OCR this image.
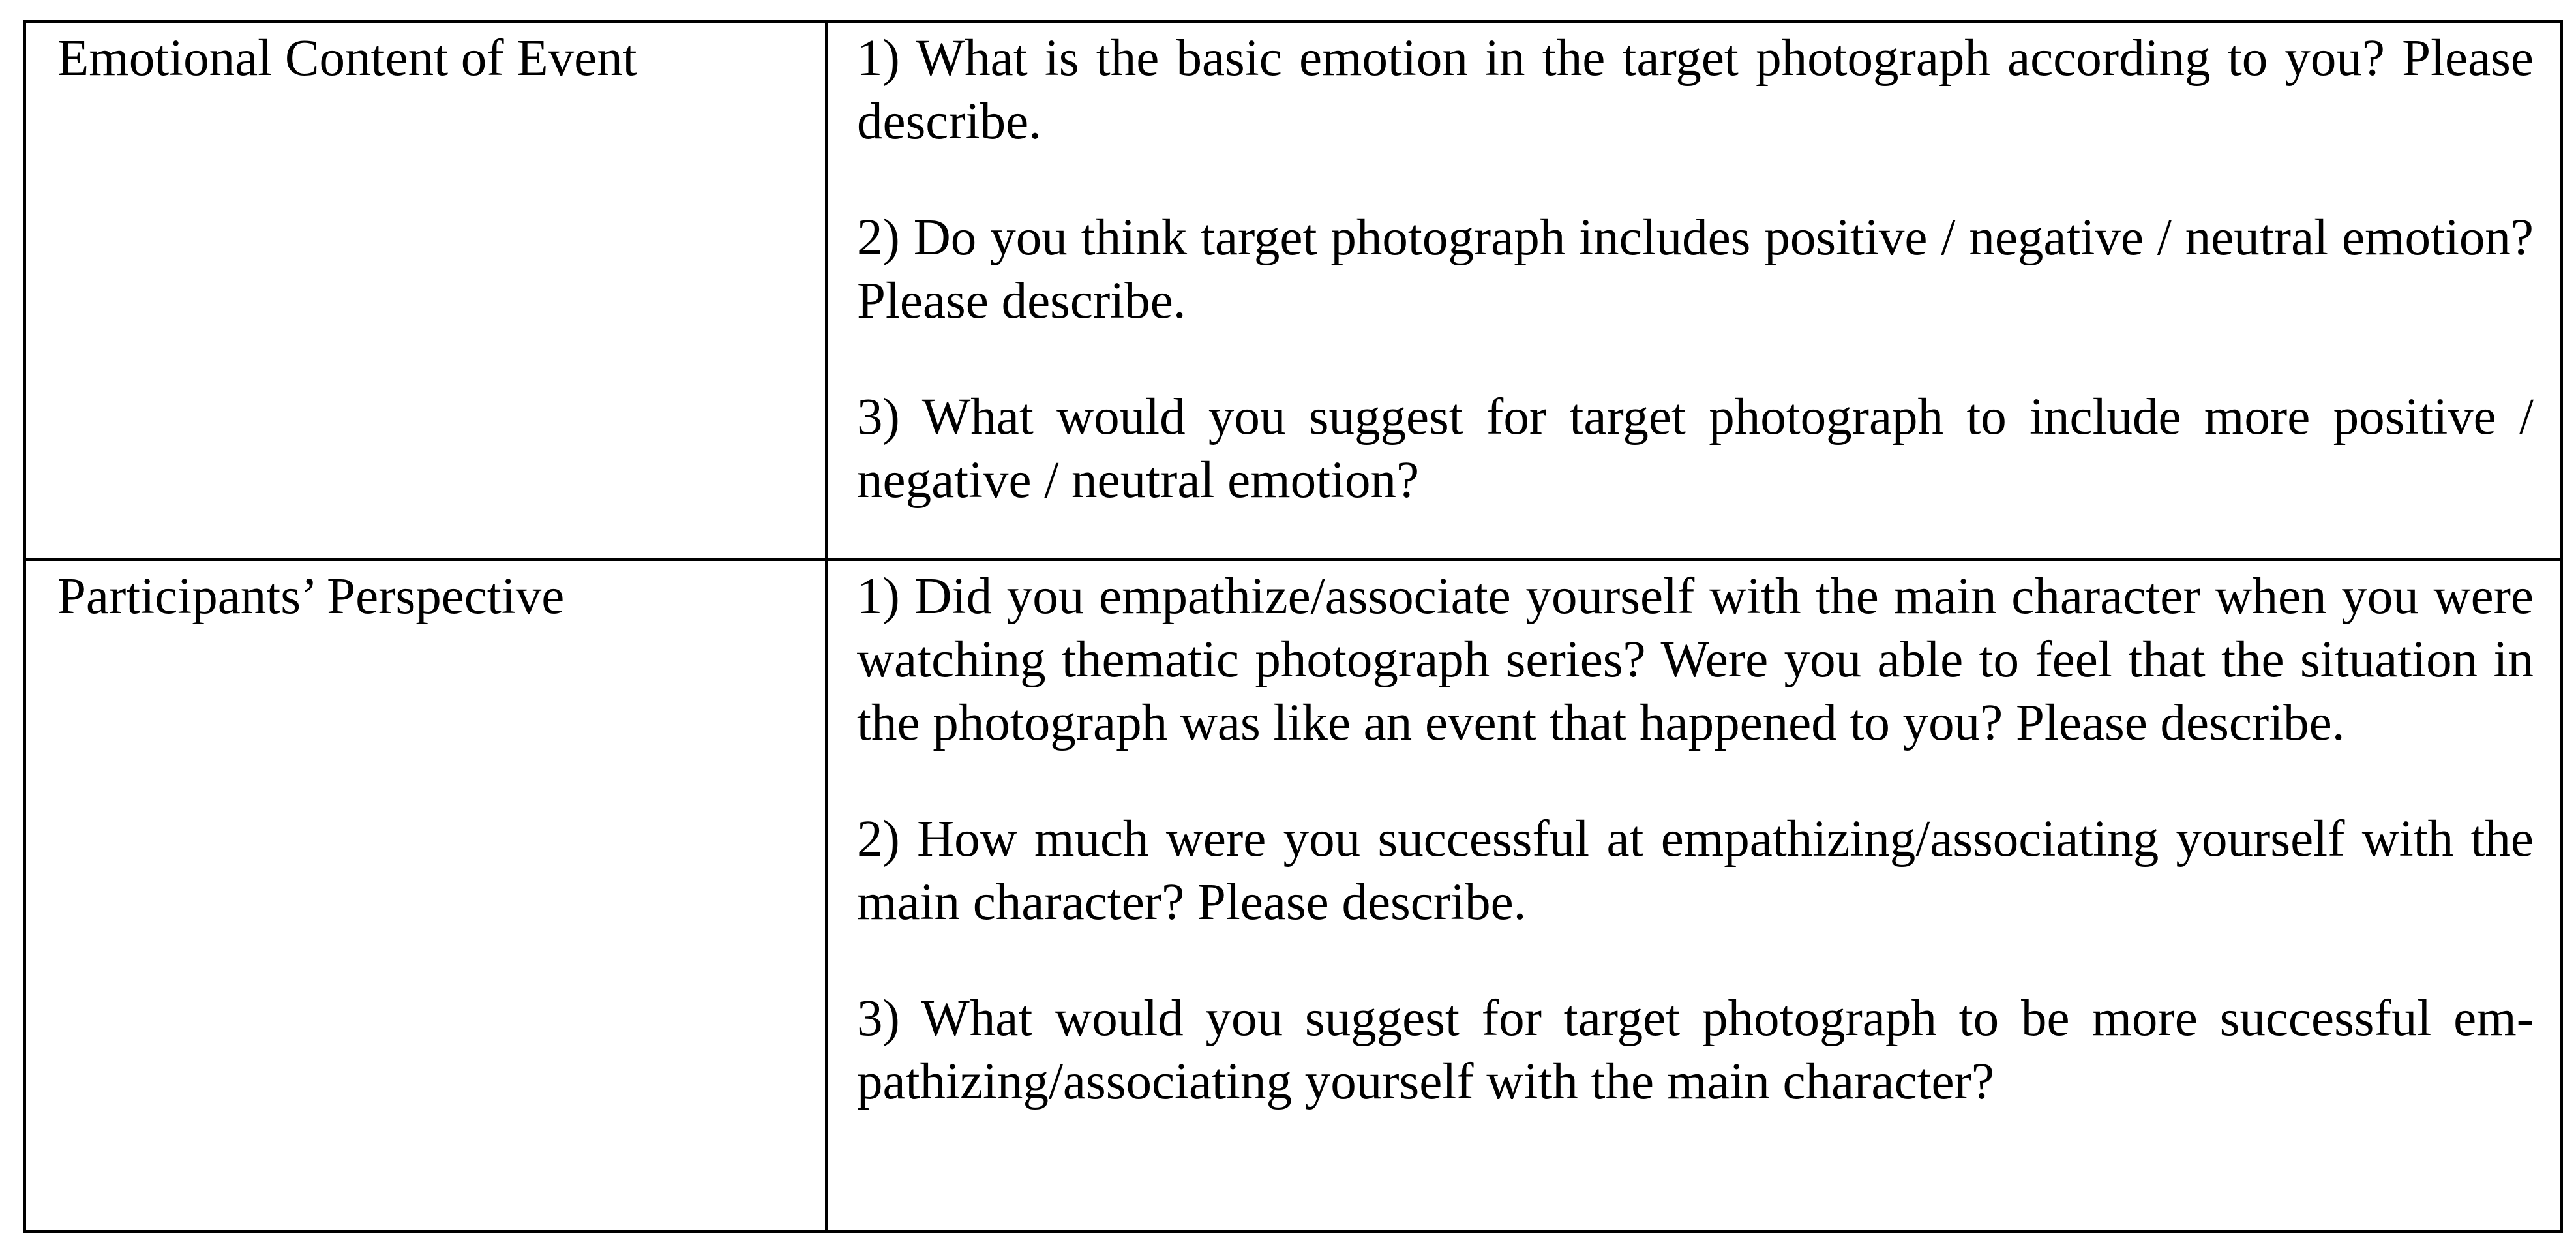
Emotional Content of Event	1) What is the basic emotion in the target photograph according to you? Please describe.

2) Do you think target photograph includes positive / negative / neutral emotion? Please describe.

3) What would you suggest for target photograph to include more positive / negative / neutral emotion?

Participants’ Perspective	1) Did you empathize/associate yourself with the main character when you were watching thematic photograph series? Were you able to feel that the situation in the photograph was like an event that happened to you? Please describe.

2) How much were you successful at empathizing/associating yourself with the main character? Please describe.

3) What would you suggest for target photograph to be more successful empathizing/associating yourself with the main character?
